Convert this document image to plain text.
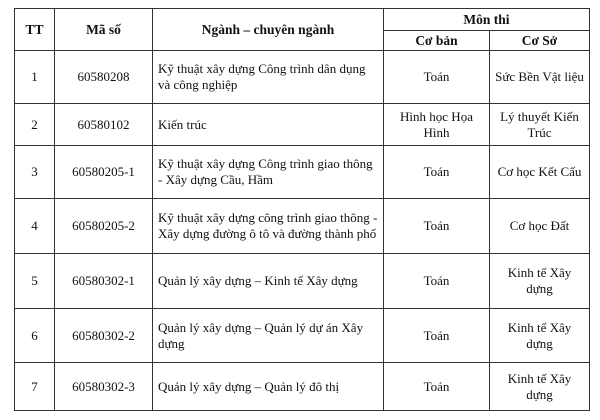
TT	Mã số	Ngành – chuyên ngành	Môn thi	
			Cơ bản	Cơ Sở
1	60580208	Kỹ thuật xây dựng Công trình dân dụng và công nghiệp	Toán	Sức Bền Vật liệu
2	60580102	Kiến trúc	Hình học Họa Hình	Lý thuyết Kiến Trúc
3	60580205-1	Kỹ thuật xây dựng Công trình giao thông - Xây dựng Cầu, Hầm	Toán	Cơ học Kết Cấu
4	60580205-2	Kỹ thuật xây dựng công trình giao thông - Xây dựng đường ô tô và đường thành phố	Toán	Cơ học Đất
5	60580302-1	Quản lý xây dựng – Kinh tế Xây dựng	Toán	Kinh tế Xây dựng
6	60580302-2	Quản lý xây dựng – Quản lý dự án Xây dựng	Toán	Kinh tế Xây dựng
7	60580302-3	Quản lý xây dựng – Quản lý đô thị	Toán	Kinh tế Xây dựng
